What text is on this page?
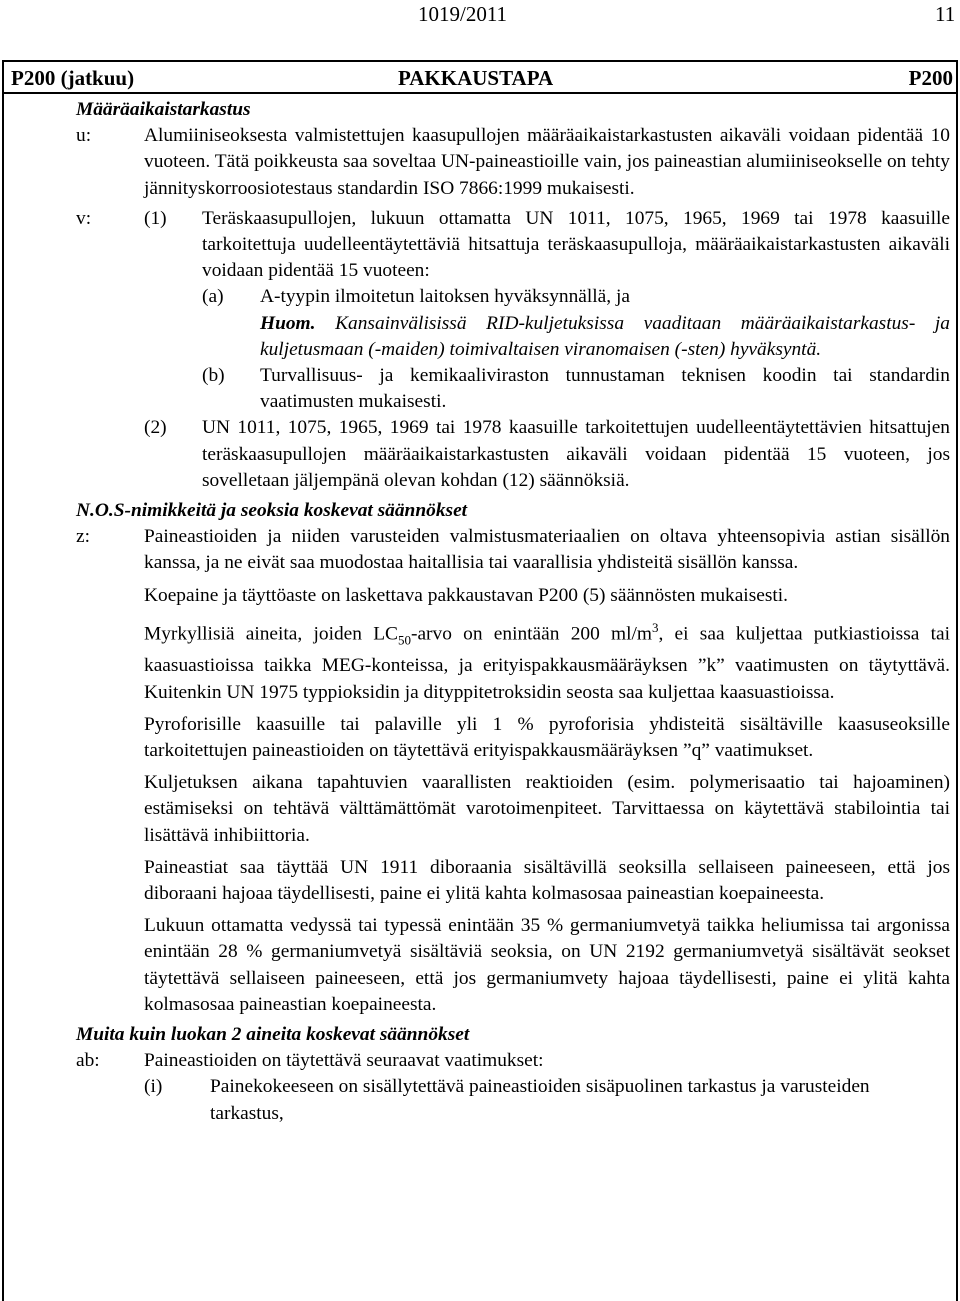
1019/2011	11
P200 (jatkuu)	PAKKAUSTAPA	P200
Määräaikaistarkastus
u:	Alumiiniseoksesta valmistettujen kaasupullojen määräaikaistarkastusten aikaväli voidaan pidentää 10 vuoteen. Tätä poikkeusta saa soveltaa UN-paineastioille vain, jos paineastian alumiiniseokselle on tehty jännityskorroosiotestaus standardin ISO 7866:1999 mukaisesti.
v:	(1) Teräskaasupullojen, lukuun ottamatta UN 1011, 1075, 1965, 1969 tai 1978 kaasuille tarkoitettuja uudelleentäytettäviä hitsattuja teräskaasupulloja, määräaikaistarkastusten aikaväli voidaan pidentää 15 vuoteen:
(a) A-tyypin ilmoitetun laitoksen hyväksynnällä, ja
Huom. Kansainvälisissä RID-kuljetuksissa vaaditaan määräaikaistarkastus- ja kuljetusmaan (-maiden) toimivaltaisen viranomaisen (-sten) hyväksyntä.
(b) Turvallisuus- ja kemikaaliviraston tunnustaman teknisen koodin tai standardin vaatimusten mukaisesti.
(2) UN 1011, 1075, 1965, 1969 tai 1978 kaasuille tarkoitettujen uudelleentäytettävien hitsattujen teräskaasupullojen määräaikaistarkastusten aikaväli voidaan pidentää 15 vuoteen, jos sovelletaan jäljempänä olevan kohdan (12) säännöksiä.
N.O.S-nimikkeitä ja seoksia koskevat säännökset
z:	Paineastioiden ja niiden varusteiden valmistusmateriaalien on oltava yhteensopivia astian sisällön kanssa, ja ne eivät saa muodostaa haitallisia tai vaarallisia yhdisteitä sisällön kanssa.
Koepaine ja täyttöaste on laskettava pakkaustavan P200 (5) säännösten mukaisesti.
Myrkyllisiä aineita, joiden $LC_{50}$-arvo on enintään 200 $ml/m^3$, ei saa kuljettaa putkiastioissa tai kaasuastioissa taikka MEG-konteissa, ja erityispakkausmääräyksen ”k” vaatimusten on täytyttävä. Kuitenkin UN 1975 typpioksidin ja dityppitetroksidin seosta saa kuljettaa kaasuastioissa.
Pyroforisille kaasuille tai palaville yli 1 % pyroforisia yhdisteitä sisältäville kaasuseoksille tarkoitettujen paineastioiden on täytettävä erityispakkausmääräyksen ”q” vaatimukset.
Kuljetuksen aikana tapahtuvien vaarallisten reaktioiden (esim. polymerisaatio tai hajoaminen) estämiseksi on tehtävä välttämättömät varotoimenpiteet. Tarvittaessa on käytettävä stabilointia tai lisättävä inhibiittoria.
Paineastiat saa täyttää UN 1911 diboraania sisältävillä seoksilla sellaiseen paineeseen, että jos diboraani hajoaa täydellisesti, paine ei ylitä kahta kolmasosaa paineastian koepaineesta.
Lukuun ottamatta vedyssä tai typessä enintään 35 % germaniumvetyä taikka heliumissa tai argonissa enintään 28 % germaniumvetyä sisältäviä seoksia, on UN 2192 germaniumvetyä sisältävät seokset täytettävä sellaiseen paineeseen, että jos germaniumvety hajoaa täydellisesti, paine ei ylitä kahta kolmasosaa paineastian koepaineesta.
Muita kuin luokan 2 aineita koskevat säännökset
ab: Paineastioiden on täytettävä seuraavat vaatimukset:
(i) Painekokeeseen on sisällytettävä paineastioiden sisäpuolinen tarkastus ja varusteiden tarkastus,
